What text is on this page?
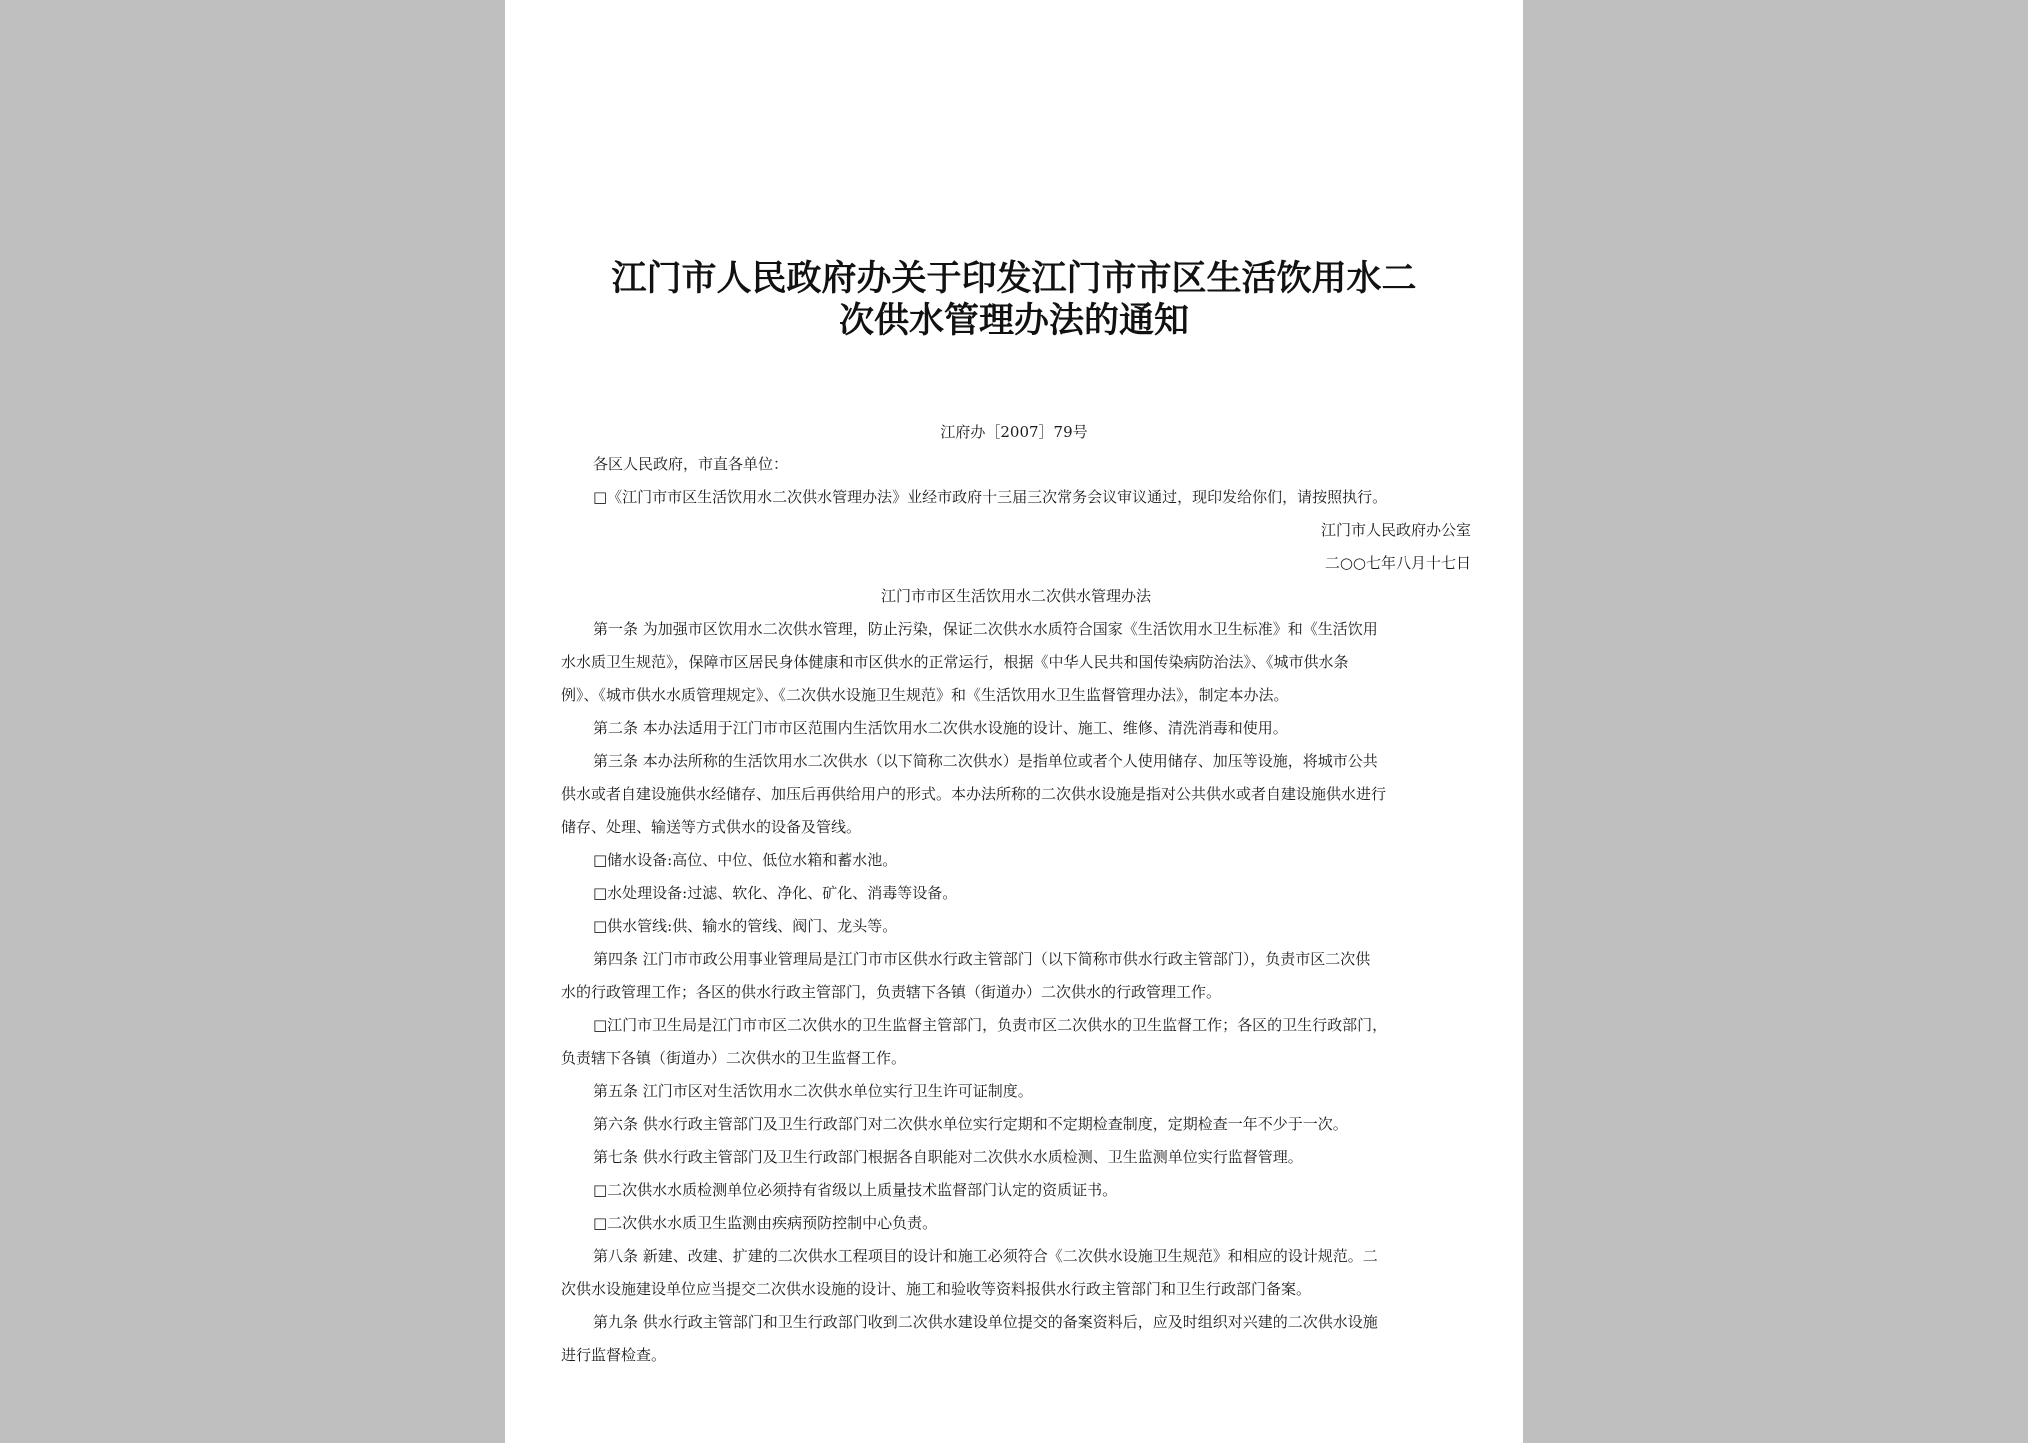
江门市人民政府办关于印发江门市市区生活饮用水二
次供水管理办法的通知
江府办［2007］79号
各区人民政府，市直各单位：
□《江门市市区生活饮用水二次供水管理办法》业经市政府十三届三次常务会议审议通过，现印发给你们，请按照执行。
江门市人民政府办公室
二○○七年八月十七日
江门市市区生活饮用水二次供水管理办法
第一条 为加强市区饮用水二次供水管理，防止污染，保证二次供水水质符合国家《生活饮用水卫生标准》和《生活饮用
水水质卫生规范》，保障市区居民身体健康和市区供水的正常运行，根据《中华人民共和国传染病防治法》、《城市供水条
例》、《城市供水水质管理规定》、《二次供水设施卫生规范》和《生活饮用水卫生监督管理办法》，制定本办法。
第二条 本办法适用于江门市市区范围内生活饮用水二次供水设施的设计、施工、维修、清洗消毒和使用。
第三条 本办法所称的生活饮用水二次供水（以下简称二次供水）是指单位或者个人使用储存、加压等设施，将城市公共
供水或者自建设施供水经储存、加压后再供给用户的形式。本办法所称的二次供水设施是指对公共供水或者自建设施供水进行
储存、处理、输送等方式供水的设备及管线。
□储水设备:高位、中位、低位水箱和蓄水池。
□水处理设备:过滤、软化、净化、矿化、消毒等设备。
□供水管线:供、输水的管线、阀门、龙头等。
第四条 江门市市政公用事业管理局是江门市市区供水行政主管部门（以下简称市供水行政主管部门），负责市区二次供
水的行政管理工作；各区的供水行政主管部门，负责辖下各镇（街道办）二次供水的行政管理工作。
□江门市卫生局是江门市市区二次供水的卫生监督主管部门，负责市区二次供水的卫生监督工作；各区的卫生行政部门，
负责辖下各镇（街道办）二次供水的卫生监督工作。
第五条 江门市区对生活饮用水二次供水单位实行卫生许可证制度。
第六条 供水行政主管部门及卫生行政部门对二次供水单位实行定期和不定期检查制度，定期检查一年不少于一次。
第七条 供水行政主管部门及卫生行政部门根据各自职能对二次供水水质检测、卫生监测单位实行监督管理。
□二次供水水质检测单位必须持有省级以上质量技术监督部门认定的资质证书。
□二次供水水质卫生监测由疾病预防控制中心负责。
第八条 新建、改建、扩建的二次供水工程项目的设计和施工必须符合《二次供水设施卫生规范》和相应的设计规范。二
次供水设施建设单位应当提交二次供水设施的设计、施工和验收等资料报供水行政主管部门和卫生行政部门备案。
第九条 供水行政主管部门和卫生行政部门收到二次供水建设单位提交的备案资料后，应及时组织对兴建的二次供水设施
进行监督检查。
